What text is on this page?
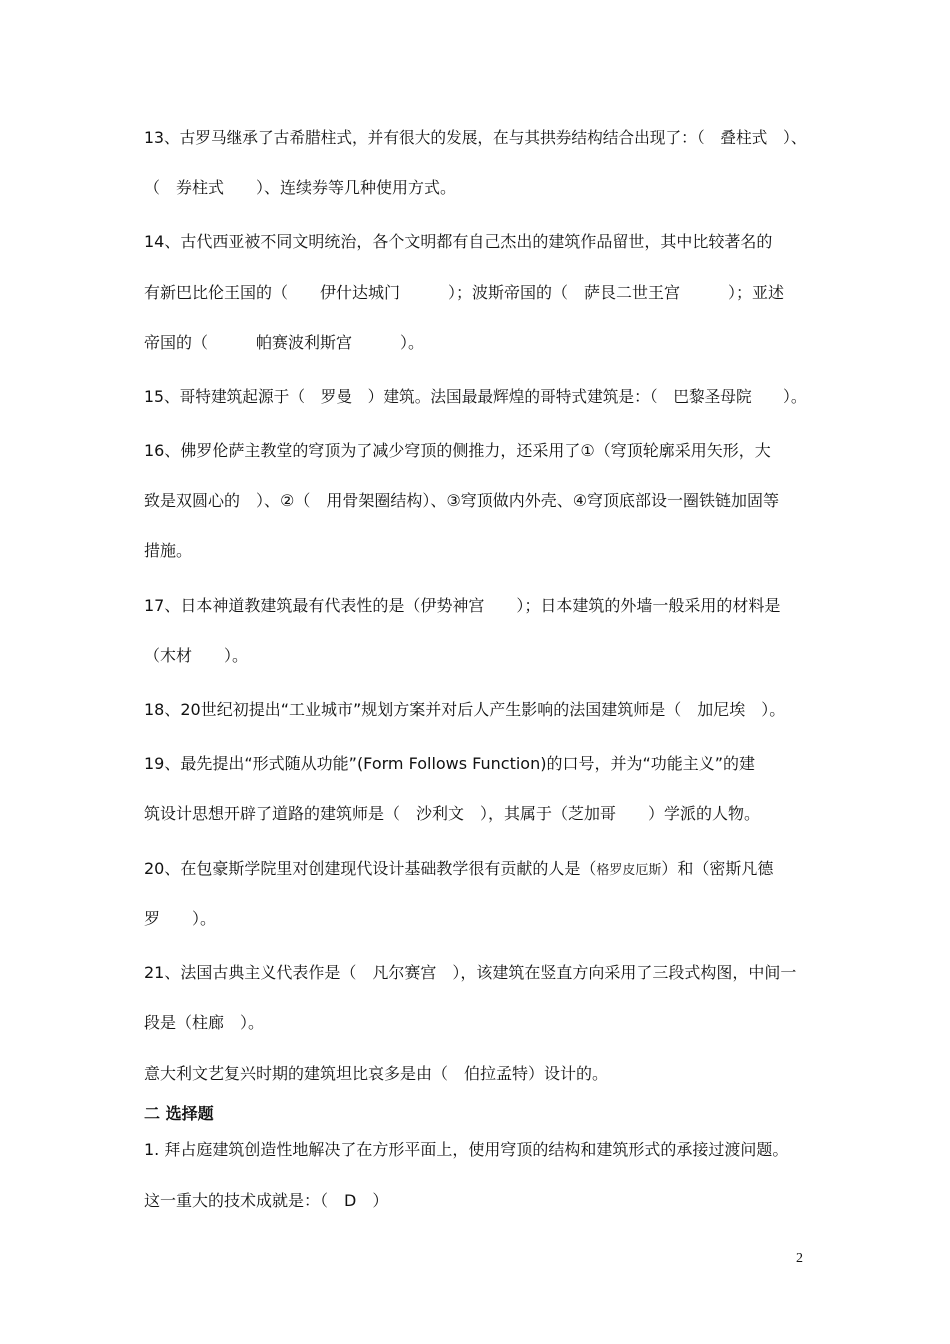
13、古罗马继承了古希腊柱式，并有很大的发展，在与其拱券结构结合出现了：（　叠柱式　）、
（　券柱式　　）、连续券等几种使用方式。
14、古代西亚被不同文明统治，各个文明都有自己杰出的建筑作品留世，其中比较著名的
有新巴比伦王国的（　　伊什达城门　　　）；波斯帝国的（　萨艮二世王宫　　　）；亚述
帝国的（　　　帕赛波利斯宫　　　）。
15、哥特建筑起源于（　罗曼　）建筑。法国最最辉煌的哥特式建筑是：（　巴黎圣母院　　）。
16、佛罗伦萨主教堂的穹顶为了减少穹顶的侧推力，还采用了①（穹顶轮廓采用矢形，大
致是双圆心的　）、②（　用骨架圈结构）、③穹顶做内外壳、④穹顶底部设一圈铁链加固等
措施。
17、日本神道教建筑最有代表性的是（伊势神宫　　）；日本建筑的外墙一般采用的材料是
（木材　　）。
18、20世纪初提出“工业城市”规划方案并对后人产生影响的法国建筑师是（　加尼埃　）。
19、最先提出“形式随从功能”(Form Follows Function)的口号，并为“功能主义”的建
筑设计思想开辟了道路的建筑师是（　沙利文　），其属于（芝加哥　　）学派的人物。
20、在包豪斯学院里对创建现代设计基础教学很有贡献的人是（格罗皮厄斯）和（密斯凡德
罗　　）。
21、法国古典主义代表作是（　凡尔赛宫　），该建筑在竖直方向采用了三段式构图，中间一
段是（柱廊　）。
意大利文艺复兴时期的建筑坦比哀多是由（　伯拉孟特）设计的。
二 选择题
1. 拜占庭建筑创造性地解决了在方形平面上，使用穹顶的结构和建筑形式的承接过渡问题。
这一重大的技术成就是：（　D　）
2
